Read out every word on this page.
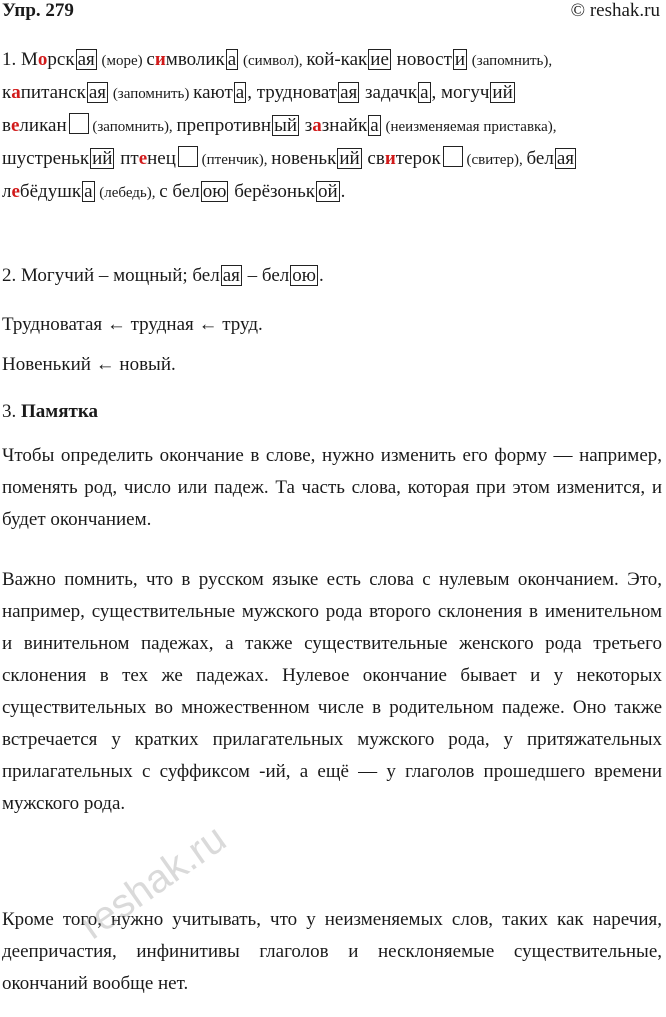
Упр. 279	© reshak.ru
1. Морск ая (море) символик а (символ), кой-как ие новост и (запомнить),
капитанск ая (запомнить) кают а , трудноват ая задачк а , могуч ий
великан (запомнить), препротивн ый зазнайк а (неизменяемая приставка),
шустреньк ий птенец (птенчик), новеньк ий свитерок (свитер), бел ая
лебёдушк а (лебедь), с бел ою берёзоньк ой .
2. Могучий – мощный; бел ая – бел ою .
Трудноватая ← трудная ← труд.
Новенький ← новый.
3. Памятка
Чтобы определить окончание в слове, нужно изменить его форму — например, поменять род, число или падеж. Та часть слова, которая при этом изменится, и будет окончанием.
Важно помнить, что в русском языке есть слова с нулевым окончанием. Это, например, существительные мужского рода второго склонения в именительном и винительном падежах, а также существительные женского рода третьего склонения в тех же падежах. Нулевое окончание бывает и у некоторых существительных во множественном числе в родительном падеже. Оно также встречается у кратких прилагательных мужского рода, у притяжательных прилагательных с суффиксом -ий, а ещё — у глаголов прошедшего времени мужского рода.
Кроме того, нужно учитывать, что у неизменяемых слов, таких как наречия, деепричастия, инфинитивы глаголов и несклоняемые существительные, окончаний вообще нет.
reshak.ru
